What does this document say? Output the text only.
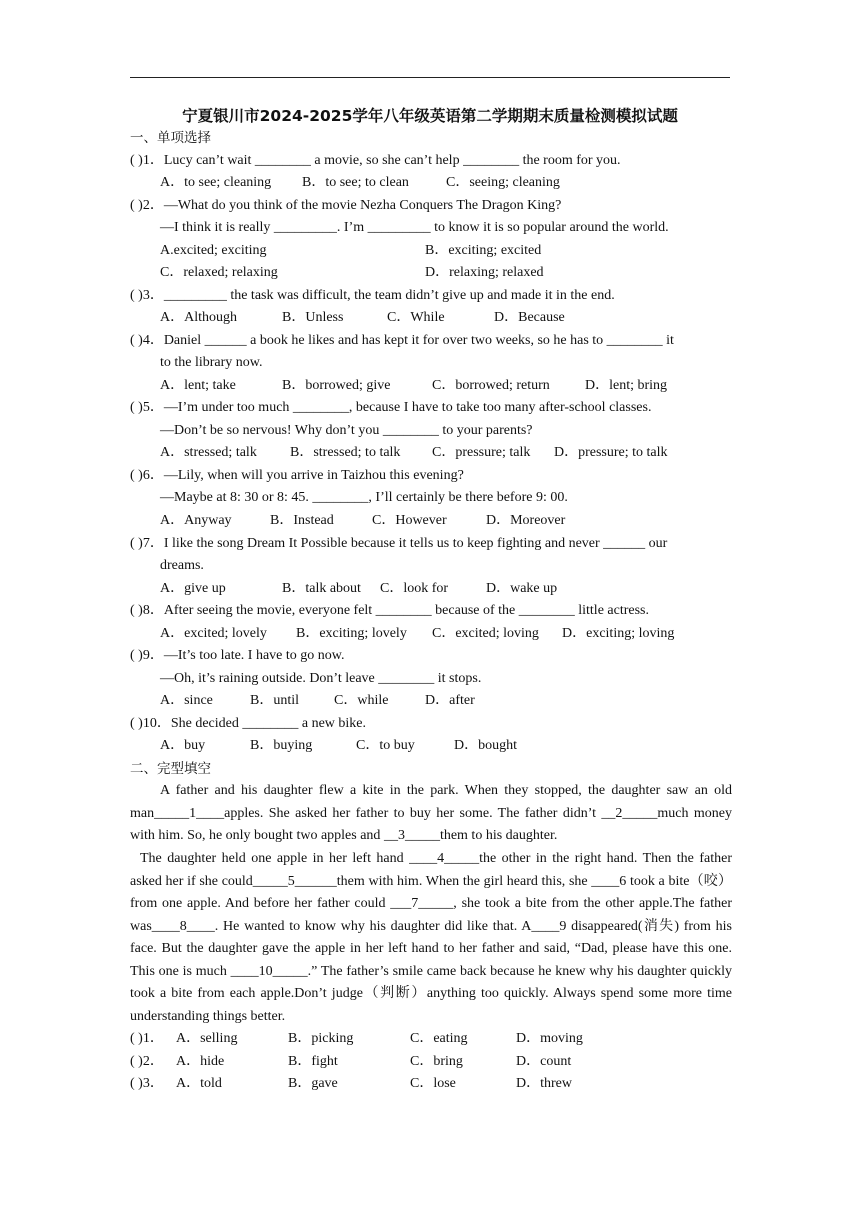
宁夏银川市2024-2025学年八年级英语第二学期期末质量检测模拟试题
一、单项选择
( )1．Lucy can’t wait ________ a movie, so she can’t help ________ the room for you.
A．to see; cleaning B．to see; to clean	C．seeing; cleaning
( )2．—What do you think of the movie Nezha Conquers The Dragon King?
—I think it is really _________. I’m _________ to know it is so popular around the world.
A.excited; exciting	B．exciting; excited
C．relaxed; relaxing	D．relaxing; relaxed
( )3．_________ the task was difficult, the team didn’t give up and made it in the end.
A．Although	B．Unless	C．While	D．Because
( )4．Daniel ______ a book he likes and has kept it for over two weeks, so he has to ________ it
to the library now.
A．lent; take	B．borrowed; give	C．borrowed; return	D．lent; bring
( )5．—I’m under too much ________, because I have to take too many after-school classes.
—Don’t be so nervous! Why don’t you ________ to your parents?
A．stressed; talk B．stressed; to talk C．pressure; talk D．pressure; to talk
( )6．—Lily, when will you arrive in Taizhou this evening?
—Maybe at 8: 30 or 8: 45. ________, I’ll certainly be there before 9: 00.
A．Anyway	B．Instead	C．However	D．Moreover
( )7．I like the song Dream It Possible because it tells us to keep fighting and never ______ our
dreams.
A．give up	B．talk about C．look for	D．wake up
( )8．After seeing the movie, everyone felt ________ because of the ________ little actress.
A．excited; lovely B．exciting; lovely C．excited; loving D．exciting; loving
( )9．—It’s too late. I have to go now.
—Oh, it’s raining outside. Don’t leave ________ it stops.
A．since	B．until C．while	D．after
( )10．She decided ________ a new bike.
A．buy	B．buying	C．to buy	D．bought
二、完型填空
A father and his daughter flew a kite in the park. When they stopped, the daughter saw an old man_____1____apples. She asked her father to buy her some. The father didn’t __2_____much money with him. So, he only bought two apples and __3_____them to his daughter.
The daughter held one apple in her left hand ____4_____the other in the right hand. Then the father asked her if she could_____5______them with him. When the girl heard this, she ____6 took a bite（咬）from one apple. And before her father could ___7_____, she took a bite from the other apple.The father was____8____. He wanted to know why his daughter did like that. A____9 disappeared(消失) from his face. But the daughter gave the apple in her left hand to her father and said, “Dad, please have this one. This one is much ____10_____.” The father’s smile came back because he knew why his daughter quickly took a bite from each apple.Don’t judge（判断）anything too quickly. Always spend some more time understanding things better.
( )1． A．selling	B．picking	C．eating	D．moving
( )2． A．hide	B．fight	C．bring	D．count
( )3． A．told	B．gave	C．lose	D．threw
